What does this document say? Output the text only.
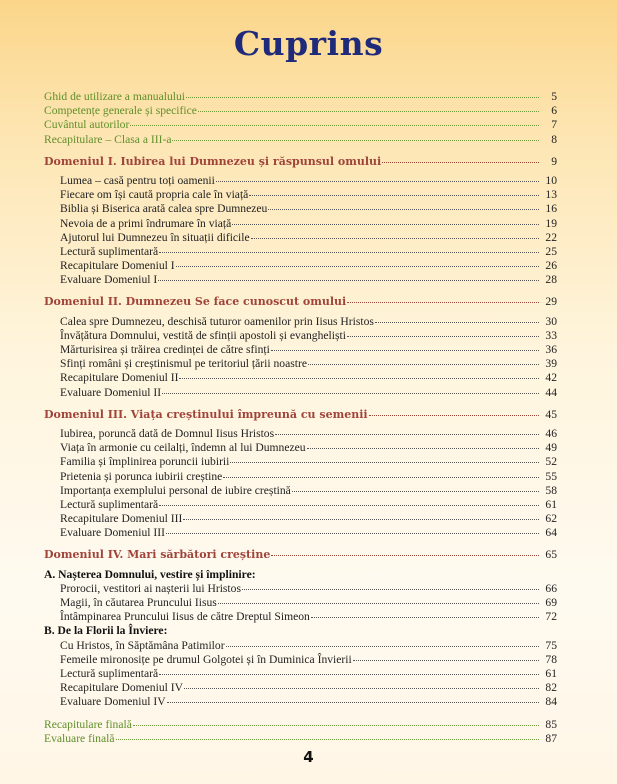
Cuprins
Ghid de utilizare a manualului	5
Competențe generale și specifice	6
Cuvântul autorilor	7
Recapitulare – Clasa a III-a	8
Domeniul I. Iubirea lui Dumnezeu și răspunsul omului	9
Lumea – casă pentru toți oamenii	10
Fiecare om își caută propria cale în viață	13
Biblia și Biserica arată calea spre Dumnezeu	16
Nevoia de a primi îndrumare în viață	19
Ajutorul lui Dumnezeu în situații dificile	22
Lectură suplimentară	25
Recapitulare Domeniul I	26
Evaluare Domeniul I	28
Domeniul II. Dumnezeu Se face cunoscut omului	29
Calea spre Dumnezeu, deschisă tuturor oamenilor prin Iisus Hristos	30
Învățătura Domnului, vestită de sfinții apostoli și evangheliști	33
Mărturisirea și trăirea credinței de către sfinți	36
Sfinți români și creștinismul pe teritoriul țării noastre	39
Recapitulare Domeniul II	42
Evaluare Domeniul II	44
Domeniul III. Viața creștinului împreună cu semenii	45
Iubirea, poruncă dată de Domnul Iisus Hristos	46
Viața în armonie cu ceilalți, îndemn al lui Dumnezeu	49
Familia și împlinirea poruncii iubirii	52
Prietenia și porunca iubirii creștine	55
Importanța exemplului personal de iubire creștină	58
Lectură suplimentară	61
Recapitulare Domeniul III	62
Evaluare Domeniul III	64
Domeniul IV. Mari sărbători creștine	65
A. Nașterea Domnului, vestire și împlinire:
Prorocii, vestitori ai nașterii lui Hristos	66
Magii, în căutarea Pruncului Iisus	69
Întâmpinarea Pruncului Iisus de către Dreptul Simeon	72
B. De la Florii la Înviere:
Cu Hristos, în Săptămâna Patimilor	75
Femeile mironosițe pe drumul Golgotei și în Duminica Învierii	78
Lectură suplimentară	61
Recapitulare Domeniul IV	82
Evaluare Domeniul IV	84
Recapitulare finală	85
Evaluare finală	87
4
